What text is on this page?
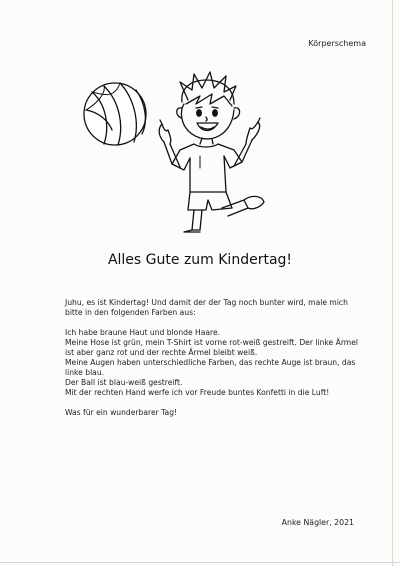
Körperschema
Alles Gute zum Kindertag!

Juhu, es ist Kindertag! Und damit der der Tag noch bunter wird, male mich
bitte in den folgenden Farben aus:

Ich habe braune Haut und blonde Haare.
Meine Hose ist grün, mein T-Shirt ist vorne rot-weiß gestreift. Der linke Ärmel
ist aber ganz rot und der rechte Ärmel bleibt weiß.
Meine Augen haben unterschiedliche Farben, das rechte Auge ist braun, das
linke blau.
Der Ball ist blau-weiß gestreift.
Mit der rechten Hand werfe ich vor Freude buntes Konfetti in die Luft!

Was für ein wunderbarer Tag!

Anke Nägler, 2021
